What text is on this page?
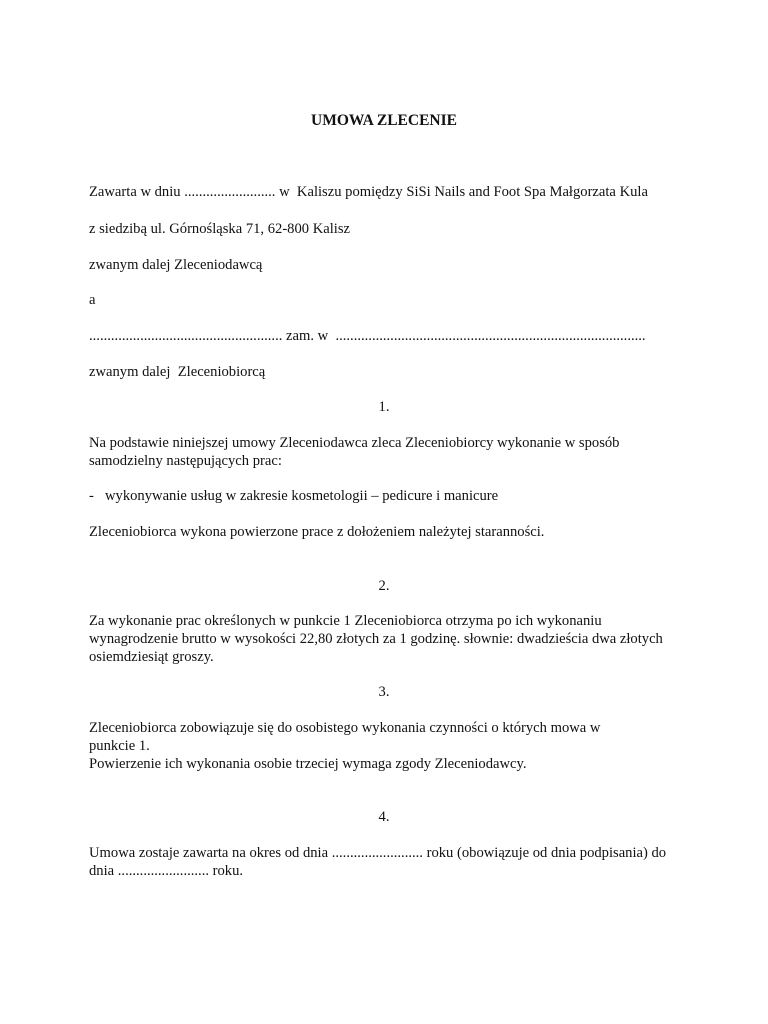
UMOWA ZLECENIE
Zawarta w dniu ......................... w  Kaliszu pomiędzy SiSi Nails and Foot Spa Małgorzata Kula
z siedzibą ul. Górnośląska 71, 62-800 Kalisz
zwanym dalej Zleceniodawcą
a
..................................................... zam. w  .....................................................................................
zwanym dalej  Zleceniobiorcą
1.
Na podstawie niniejszej umowy Zleceniodawca zleca Zleceniobiorcy wykonanie w sposób samodzielny następujących prac:
- wykonywanie usług w zakresie kosmetologii – pedicure i manicure
Zleceniobiorca wykona powierzone prace z dołożeniem należytej staranności.
2.
Za wykonanie prac określonych w punkcie 1 Zleceniobiorca otrzyma po ich wykonaniu wynagrodzenie brutto w wysokości 22,80 złotych za 1 godzinę. słownie: dwadzieścia dwa złotych osiemdziesiąt groszy.
3.
Zleceniobiorca zobowiązuje się do osobistego wykonania czynności o których mowa w punkcie 1.
Powierzenie ich wykonania osobie trzeciej wymaga zgody Zleceniodawcy.
4.
Umowa zostaje zawarta na okres od dnia ......................... roku (obowiązuje od dnia podpisania) do dnia ......................... roku.
